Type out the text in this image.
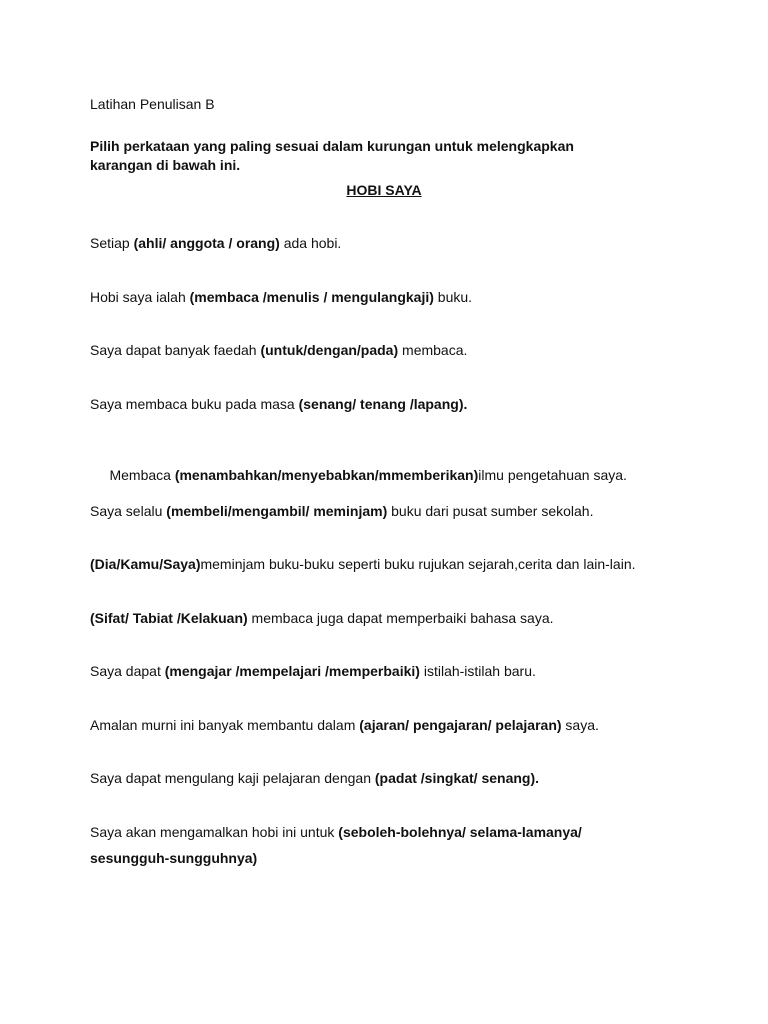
Latihan Penulisan B
Pilih perkataan yang paling sesuai dalam kurungan untuk melengkapkan
karangan di bawah ini.
HOBI SAYA
Setiap (ahli/ anggota / orang) ada hobi.
Hobi saya ialah (membaca /menulis / mengulangkaji) buku.
Saya dapat banyak faedah (untuk/dengan/pada) membaca.
Saya membaca buku pada masa (senang/ tenang /lapang).

Membaca (menambahkan/menyebabkan/mmemberikan)ilmu pengetahuan saya.

Saya selalu (membeli/mengambil/ meminjam) buku dari pusat sumber sekolah.
(Dia/Kamu/Saya)meminjam buku-buku seperti buku rujukan sejarah,cerita dan lain-lain.
(Sifat/ Tabiat /Kelakuan) membaca juga dapat memperbaiki bahasa saya.
Saya dapat (mengajar /mempelajari /memperbaiki) istilah-istilah baru.
Amalan murni ini banyak membantu dalam (ajaran/ pengajaran/ pelajaran) saya.
Saya dapat mengulang kaji pelajaran dengan (padat /singkat/ senang).
Saya akan mengamalkan hobi ini untuk (seboleh-bolehnya/ selama-lamanya/
sesungguh-sungguhnya)
